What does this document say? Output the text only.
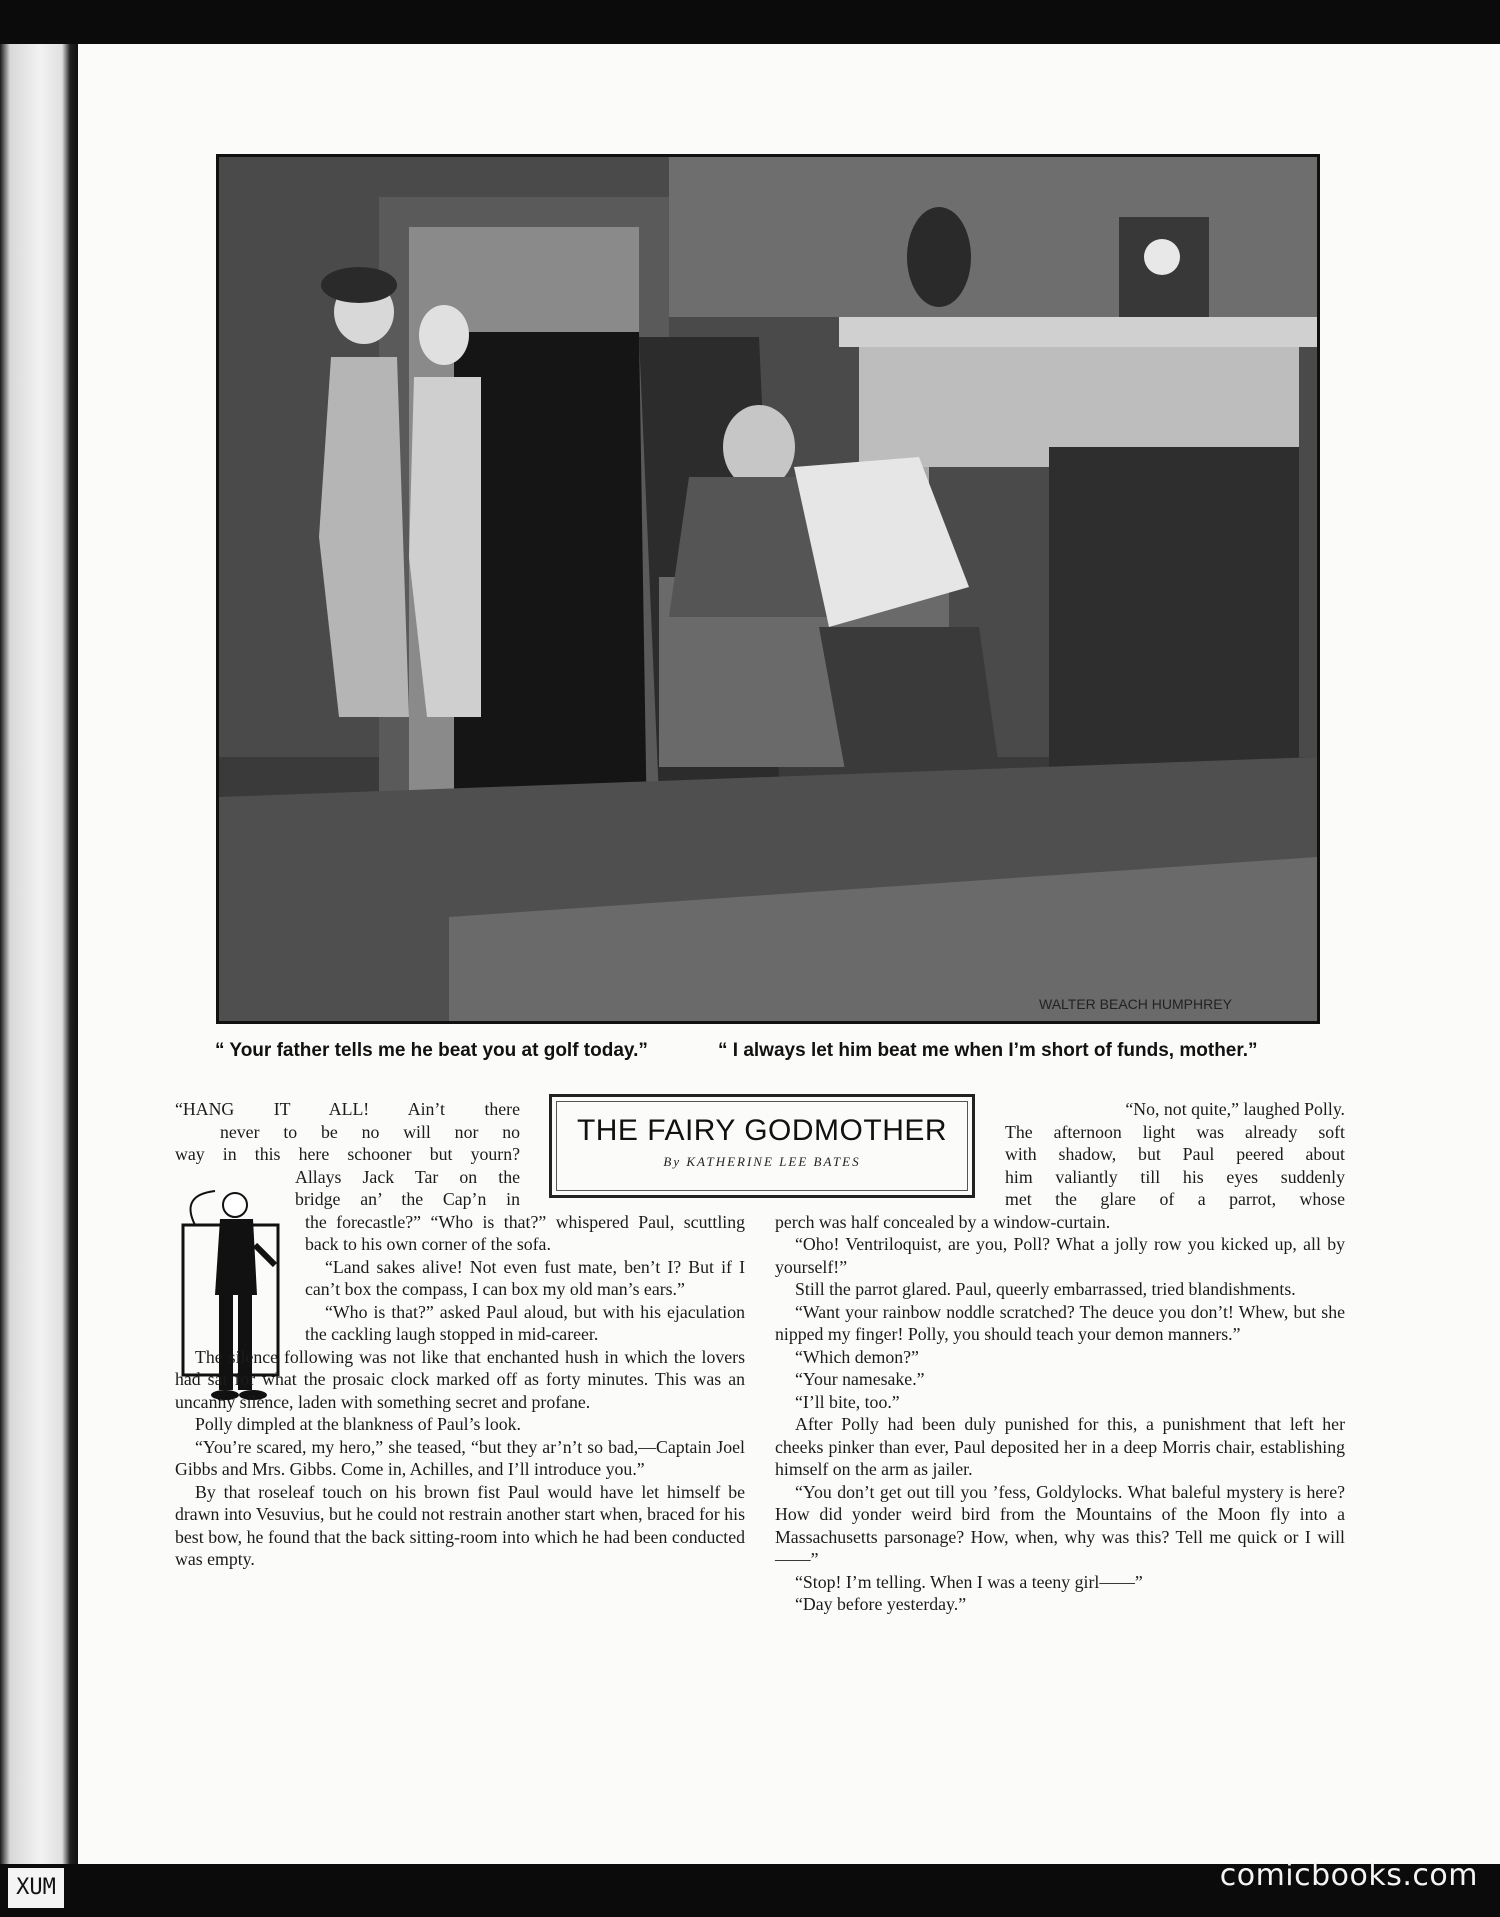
WALTER BEACH HUMPHREY
“ Your father tells me he beat you at golf today.”	“ I always let him beat me when I’m short of funds, mother.”
THE FAIRY GODMOTHER
By KATHERINE LEE BATES
“HANG IT ALL! Ain’t there
never to be no will nor no
way in this here schooner but yourn?
Allays Jack Tar on the
bridge an’ the Cap’n in

the forecastle?” “Who is that?” whispered Paul, scuttling back to his own corner of the sofa.

“Land sakes alive! Not even fust mate, ben’t I? But if I can’t box the compass, I can box my old man’s ears.”

“Who is that?” asked Paul aloud, but with his ejaculation the cackling laugh stopped in mid-career.

The silence following was not like that enchanted hush in which the lovers had sat for what the prosaic clock marked off as forty minutes. This was an uncanny silence, laden with something secret and profane.

Polly dimpled at the blankness of Paul’s look.

“You’re scared, my hero,” she teased, “but they ar’n’t so bad,—Captain Joel Gibbs and Mrs. Gibbs. Come in, Achilles, and I’ll introduce you.”

By that roseleaf touch on his brown fist Paul would have let himself be drawn into Vesuvius, but he could not restrain another start when, braced for his best bow, he found that the back sitting-room into which he had been conducted was empty.

“No, not quite,” laughed Polly.
The afternoon light was already soft
with shadow, but Paul peered about
him valiantly till his eyes suddenly
met the glare of a parrot, whose

perch was half concealed by a window-curtain.

“Oho! Ventriloquist, are you, Poll? What a jolly row you kicked up, all by yourself!”

Still the parrot glared. Paul, queerly embarrassed, tried blandishments.

“Want your rainbow noddle scratched? The deuce you don’t! Whew, but she nipped my finger! Polly, you should teach your demon manners.”

“Which demon?”

“Your namesake.”

“I’ll bite, too.”

After Polly had been duly punished for this, a punishment that left her cheeks pinker than ever, Paul deposited her in a deep Morris chair, establishing himself on the arm as jailer.

“You don’t get out till you ’fess, Goldylocks. What baleful mystery is here? How did yonder weird bird from the Mountains of the Moon fly into a Massachusetts parsonage? How, when, why was this? Tell me quick or I will ——”

“Stop! I’m telling. When I was a teeny girl——”

“Day before yesterday.”

XUM	comicbooks.com
